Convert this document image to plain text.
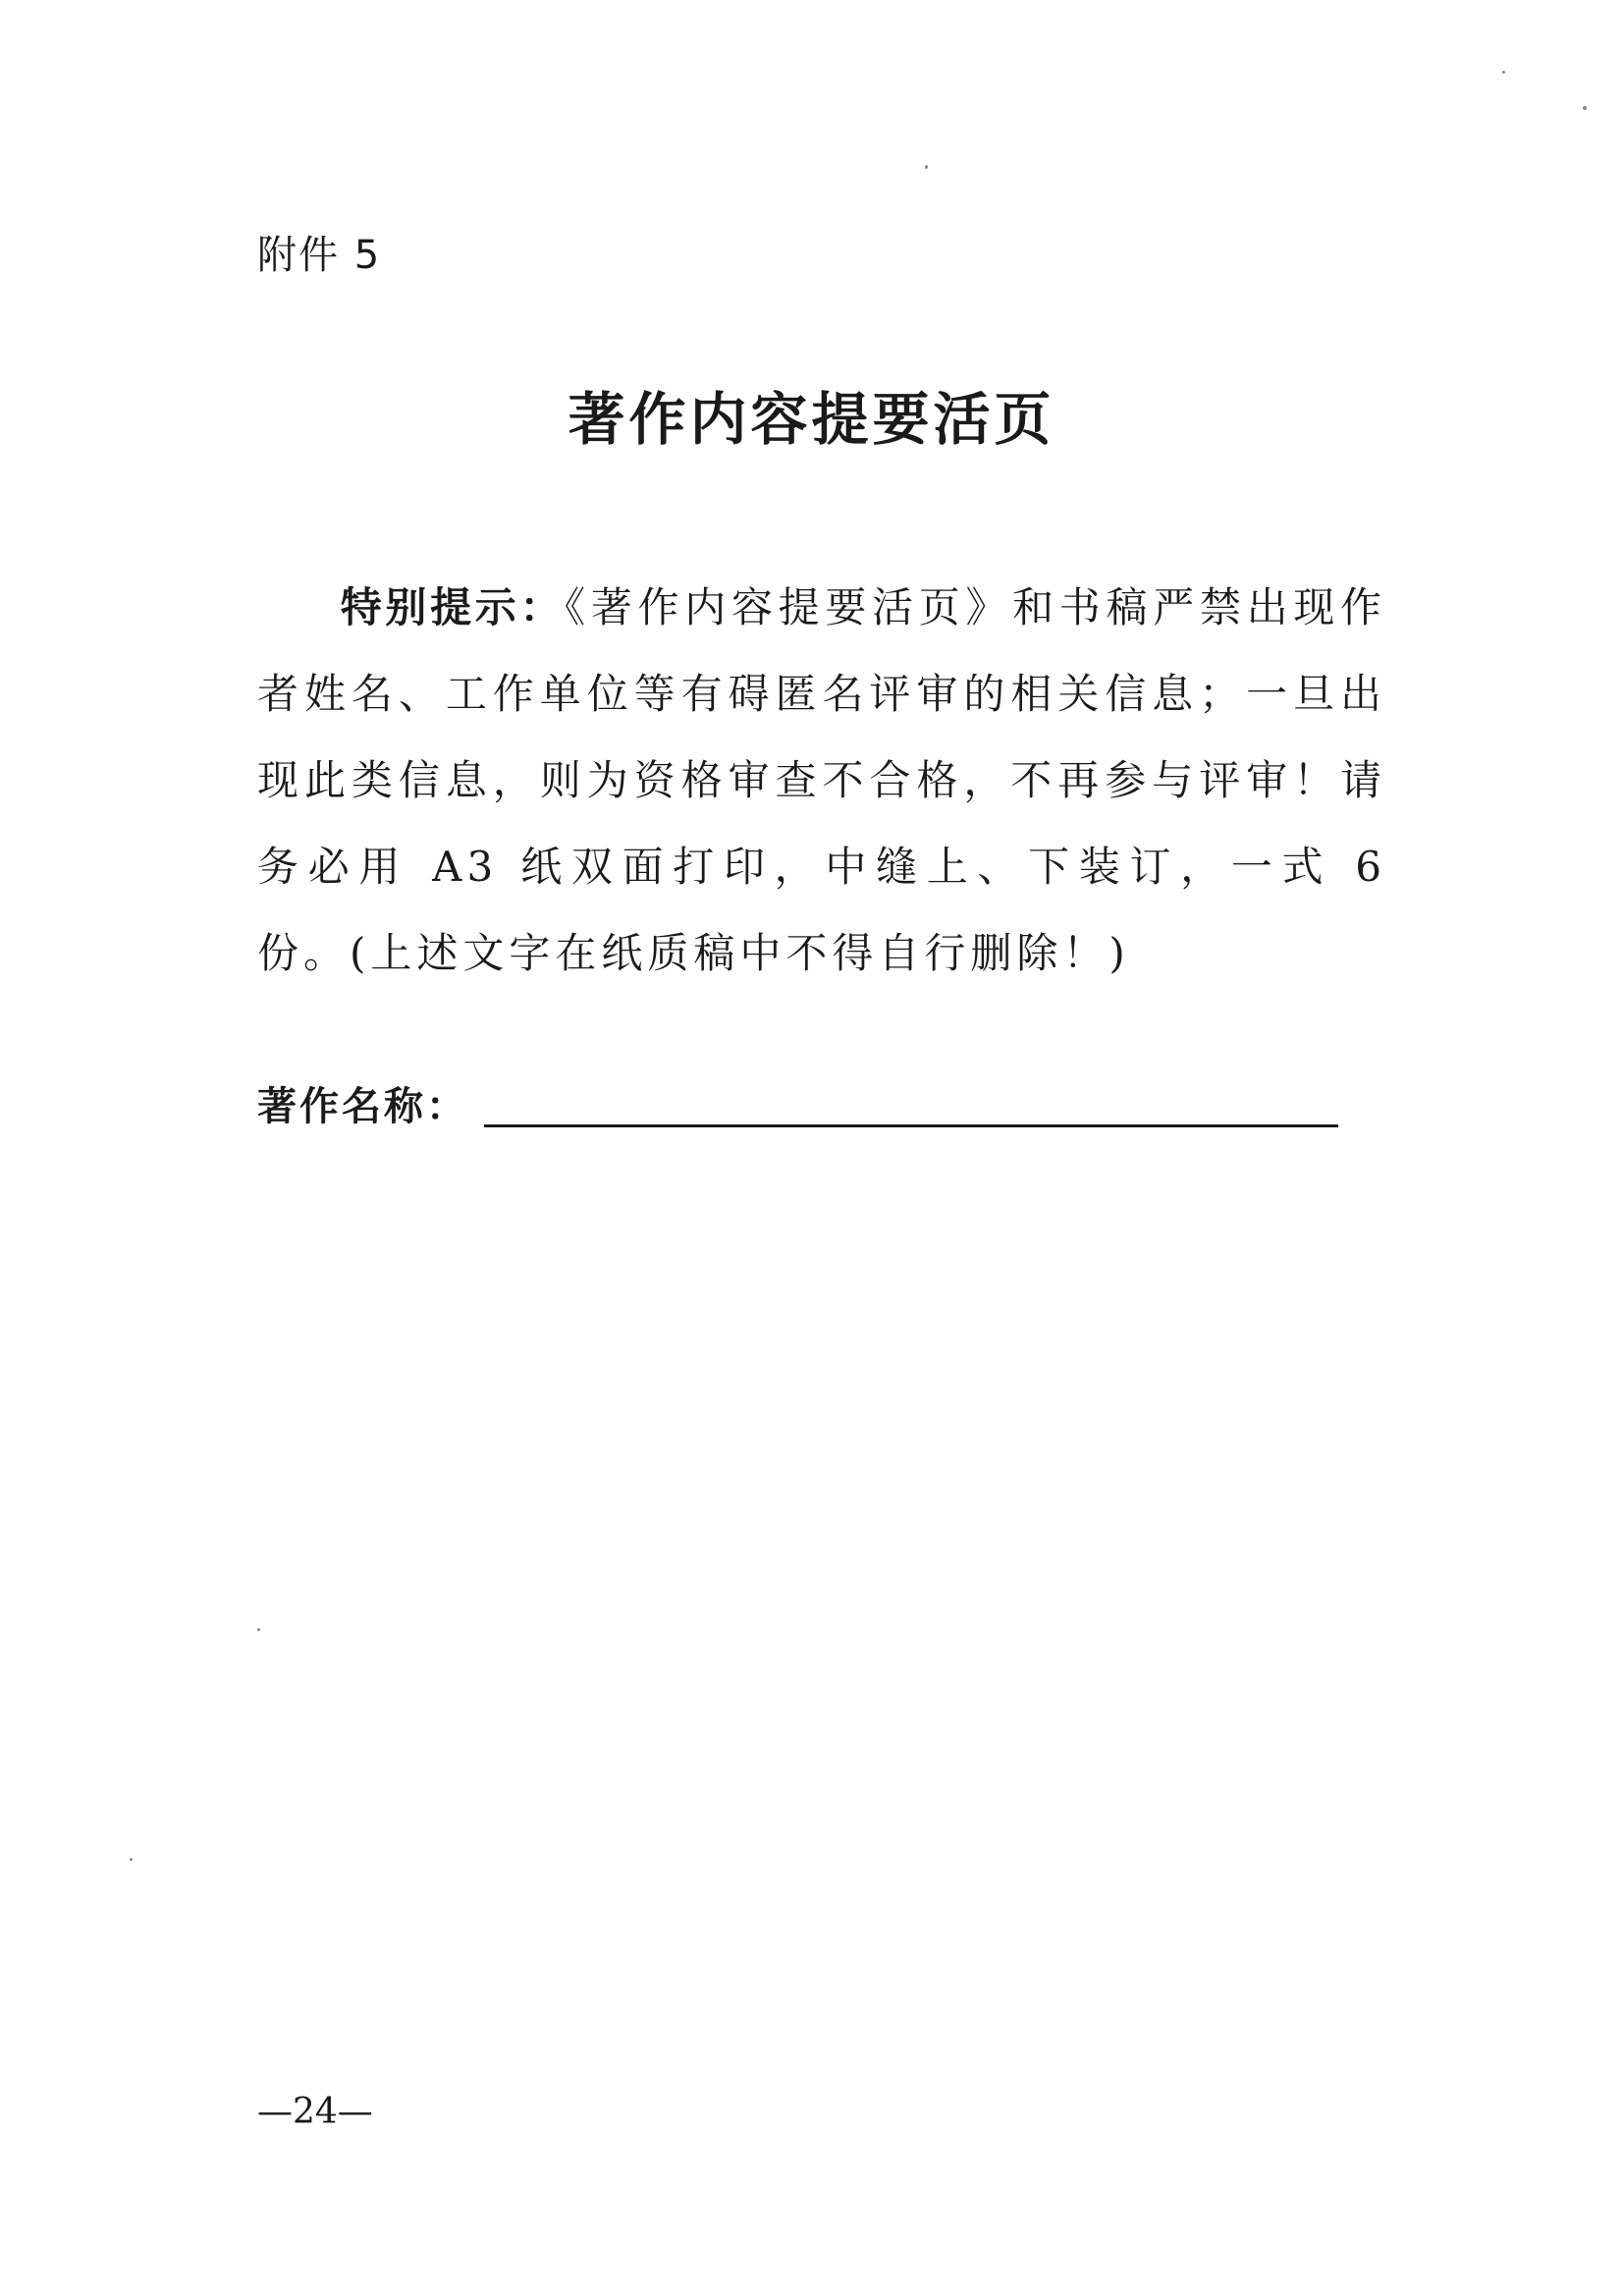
附件 5
著作内容提要活页
特别提示：《著作内容提要活页》和书稿严禁出现作者姓名、工作单位等有碍匿名评审的相关信息；一旦出现此类信息，则为资格审查不合格，不再参与评审！请务必用 A3 纸双面打印，中缝上、下装订，一式 6 份。(上述文字在纸质稿中不得自行删除！)
著作名称：
—24—
